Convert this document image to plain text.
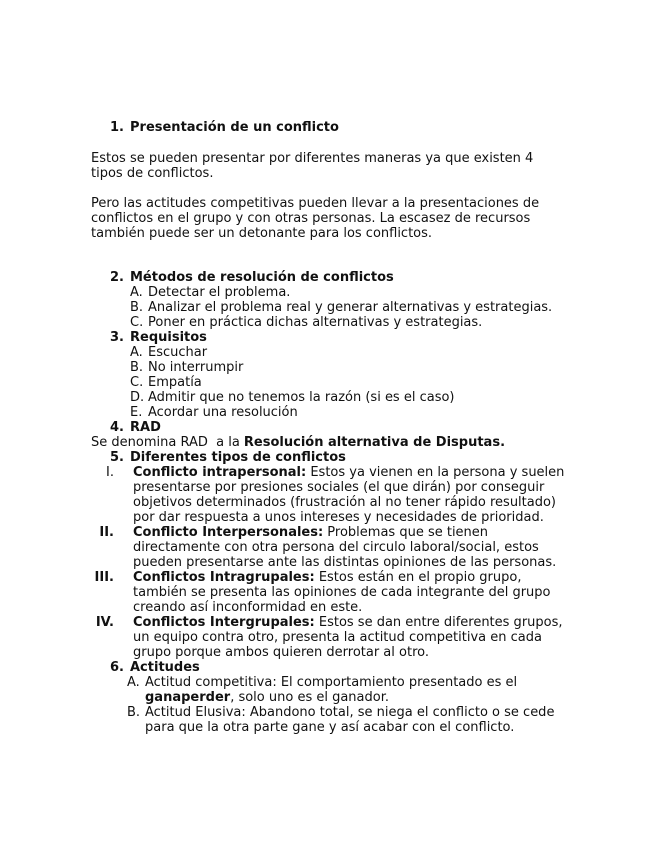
1. Presentación de un conflicto
Estos se pueden presentar por diferentes maneras ya que existen 4
tipos de conflictos.
Pero las actitudes competitivas pueden llevar a la presentaciones de
conflictos en el grupo y con otras personas. La escasez de recursos
también puede ser un detonante para los conflictos.
2. Métodos de resolución de conflictos
A. Detectar el problema.
B. Analizar el problema real y generar alternativas y estrategias.
C. Poner en práctica dichas alternativas y estrategias.
3. Requisitos
A. Escuchar
B. No interrumpir
C. Empatía
D. Admitir que no tenemos la razón (si es el caso)
E. Acordar una resolución
4. RAD
Se denomina RAD  a la Resolución alternativa de Disputas.
5. Diferentes tipos de conflictos
I. Conflicto intrapersonal: Estos ya vienen en la persona y suelen
presentarse por presiones sociales (el que dirán) por conseguir
objetivos determinados (frustración al no tener rápido resultado)
por dar respuesta a unos intereses y necesidades de prioridad.
II. Conflicto Interpersonales: Problemas que se tienen
directamente con otra persona del circulo laboral/social, estos
pueden presentarse ante las distintas opiniones de las personas.
III. Conflictos Intragrupales: Estos están en el propio grupo,
también se presenta las opiniones de cada integrante del grupo
creando así inconformidad en este.
IV. Conflictos Intergrupales: Estos se dan entre diferentes grupos,
un equipo contra otro, presenta la actitud competitiva en cada
grupo porque ambos quieren derrotar al otro.
6. Actitudes
A. Actitud competitiva: El comportamiento presentado es el
ganaperder, solo uno es el ganador.
B. Actitud Elusiva: Abandono total, se niega el conflicto o se cede
para que la otra parte gane y así acabar con el conflicto.
